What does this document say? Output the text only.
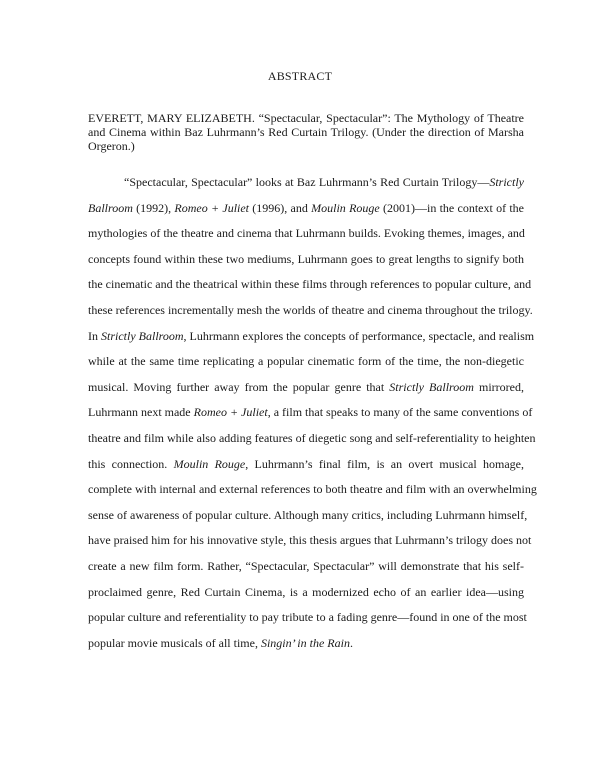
ABSTRACT
EVERETT, MARY ELIZABETH. “Spectacular, Spectacular”: The Mythology of Theatre
and Cinema within Baz Luhrmann’s Red Curtain Trilogy. (Under the direction of Marsha
Orgeron.)
“Spectacular, Spectacular” looks at Baz Luhrmann’s Red Curtain Trilogy—Strictly
Ballroom (1992), Romeo + Juliet (1996), and Moulin Rouge (2001)—in the context of the
mythologies of the theatre and cinema that Luhrmann builds. Evoking themes, images, and
concepts found within these two mediums, Luhrmann goes to great lengths to signify both
the cinematic and the theatrical within these films through references to popular culture, and
these references incrementally mesh the worlds of theatre and cinema throughout the trilogy.
In Strictly Ballroom, Luhrmann explores the concepts of performance, spectacle, and realism
while at the same time replicating a popular cinematic form of the time, the non-diegetic
musical. Moving further away from the popular genre that Strictly Ballroom mirrored,
Luhrmann next made Romeo + Juliet, a film that speaks to many of the same conventions of
theatre and film while also adding features of diegetic song and self-referentiality to heighten
this connection. Moulin Rouge, Luhrmann’s final film, is an overt musical homage,
complete with internal and external references to both theatre and film with an overwhelming
sense of awareness of popular culture. Although many critics, including Luhrmann himself,
have praised him for his innovative style, this thesis argues that Luhrmann’s trilogy does not
create a new film form. Rather, “Spectacular, Spectacular” will demonstrate that his self-
proclaimed genre, Red Curtain Cinema, is a modernized echo of an earlier idea—using
popular culture and referentiality to pay tribute to a fading genre—found in one of the most
popular movie musicals of all time, Singin’ in the Rain.
